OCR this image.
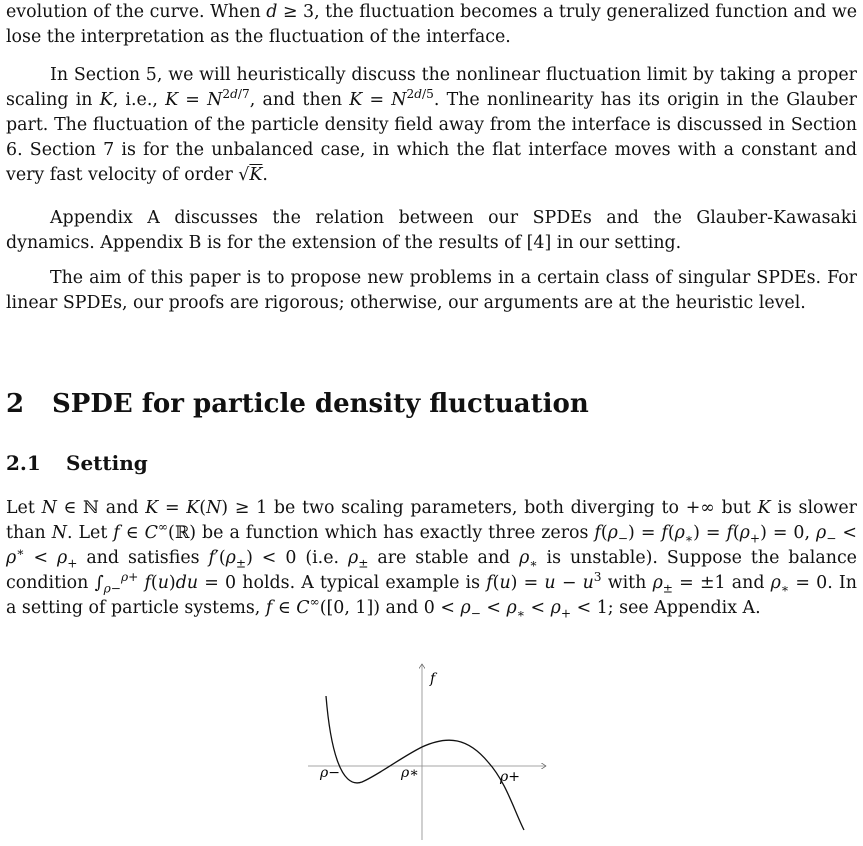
evolution of the curve. When d ≥ 3, the fluctuation becomes a truly generalized function and we lose the interpretation as the fluctuation of the interface.

In Section 5, we will heuristically discuss the nonlinear fluctuation limit by taking a proper scaling in K, i.e., $K = N^{2d/7}$, and then $K = N^{2d/5}$. The nonlinearity has its origin in the Glauber part. The fluctuation of the particle density field away from the interface is discussed in Section 6. Section 7 is for the unbalanced case, in which the flat interface moves with a constant and very fast velocity of order √K.

Appendix A discusses the relation between our SPDEs and the Glauber-Kawasaki dynamics. Appendix B is for the extension of the results of [4] in our setting.

The aim of this paper is to propose new problems in a certain class of singular SPDEs. For linear SPDEs, our proofs are rigorous; otherwise, our arguments are at the heuristic level.

2 SPDE for particle density fluctuation
2.1 Setting

Let N ∈ ℕ and K = K(N) ≥ 1 be two scaling parameters, both diverging to +∞ but K is slower than N. Let f ∈ C∞(ℝ) be a function which has exactly three zeros $f(\rho_-) = f(\rho_∗) = f(\rho_+) = 0$, $\rho_- < \rho^∗ < \rho_+$ and satisfies $f'(\rho_\pm) < 0$ (i.e. $\rho_\pm$ are stable and $\rho_∗$ is unstable). Suppose the balance condition $\int_{\rho-}^{\rho+}$ f(u)du = 0 holds. A typical example is $f(u) = u - u^3$ with $\rho_\pm = \pm 1$ and $\rho_∗ = 0$. In a setting of particle systems, f ∈ C∞([0, 1]) and $0 < \rho_- < \rho_∗ < \rho_+ < 1$; see Appendix A.

f
ρ−	ρ∗	ρ+
